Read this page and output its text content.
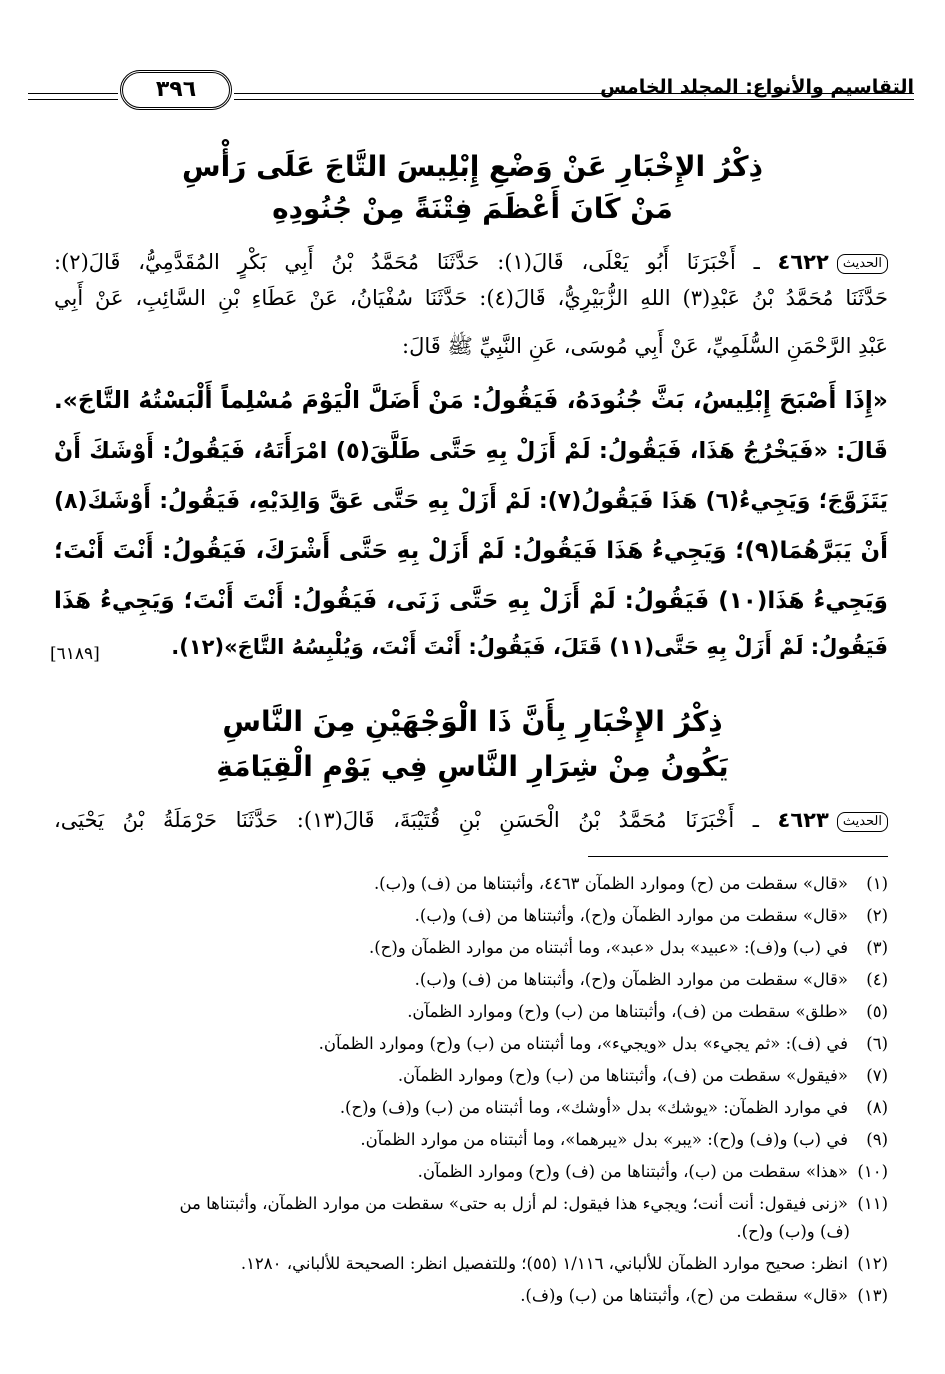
٣٩٦	التقاسيم والأنواع: المجلد الخامس
ذِكْرُ الإِخْبَارِ عَنْ وَضْعِ إِبْلِيسَ التَّاجَ عَلَى رَأْسِ
مَنْ كَانَ أَعْظَمَ فِتْنَةً مِنْ جُنُودِهِ
الحديث٤٦٢٢ ـ أَخْبَرَنَا أَبُو يَعْلَى، قَالَ(١): حَدَّثَنَا مُحَمَّدُ بْنُ أَبِي بَكْرٍ المُقَدَّمِيُّ، قَالَ(٢):
حَدَّثَنَا مُحَمَّدُ بْنُ عَبْدِ(٣) اللهِ الزُّبَيْرِيُّ، قَالَ(٤): حَدَّثَنَا سُفْيَانُ، عَنْ عَطَاءِ بْنِ السَّائِبِ، عَنْ أَبِي
عَبْدِ الرَّحْمَنِ السُّلَمِيِّ، عَنْ أَبِي مُوسَى، عَنِ النَّبِيِّ ﷺ قَالَ:
«إِذَا أَصْبَحَ إِبْلِيسُ، بَثَّ جُنُودَهُ، فَيَقُولُ: مَنْ أَضَلَّ الْيَوْمَ مُسْلِماً أَلْبَسْتُهُ التَّاجَ».
قَالَ: «فَيَخْرُجُ هَذَا، فَيَقُولُ: لَمْ أَزَلْ بِهِ حَتَّى طَلَّقَ(٥) امْرَأَتَهُ، فَيَقُولُ: أَوْشَكَ أَنْ
يَتَزَوَّجَ؛ وَيَجِيءُ(٦) هَذَا فَيَقُولُ(٧): لَمْ أَزَلْ بِهِ حَتَّى عَقَّ وَالِدَيْهِ، فَيَقُولُ: أَوْشَكَ(٨)
أَنْ يَبَرَّهُمَا(٩)؛ وَيَجِيءُ هَذَا فَيَقُولُ: لَمْ أَزَلْ بِهِ حَتَّى أَشْرَكَ، فَيَقُولُ: أَنْتَ أَنْتَ؛
وَيَجِيءُ هَذَا(١٠) فَيَقُولُ: لَمْ أَزَلْ بِهِ حَتَّى زَنَى، فَيَقُولُ: أَنْتَ أَنْتَ؛ وَيَجِيءُ هَذَا
فَيَقُولُ: لَمْ أَزَلْ بِهِ حَتَّى(١١) قَتَلَ، فَيَقُولُ: أَنْتَ أَنْتَ، وَيُلْبِسُهُ التَّاجَ»(١٢).
[٦١٨٩]
ذِكْرُ الإِخْبَارِ بِأَنَّ ذَا الْوَجْهَيْنِ مِنَ النَّاسِ
يَكُونُ مِنْ شِرَارِ النَّاسِ فِي يَوْمِ الْقِيَامَةِ
الحديث٤٦٢٣ ـ أَخْبَرَنَا مُحَمَّدُ بْنُ الْحَسَنِ بْنِ قُتَيْبَةَ، قَالَ(١٣): حَدَّثَنَا حَرْمَلَةُ بْنُ يَحْيَى،
(١)«قال» سقطت من (ح) وموارد الظمآن ٤٤٦٣، وأثبتناها من (ف) و(ب).
(٢)«قال» سقطت من موارد الظمآن و(ح)، وأثبتناها من (ف) و(ب).
(٣)في (ب) و(ف): «عبيد» بدل «عبد»، وما أثبتناه من موارد الظمآن و(ح).
(٤)«قال» سقطت من موارد الظمآن و(ح)، وأثبتناها من (ف) و(ب).
(٥)«طلق» سقطت من (ف)، وأثبتناها من (ب) و(ح) وموارد الظمآن.
(٦)في (ف): «ثم يجيء» بدل «ويجيء»، وما أثبتناه من (ب) و(ح) وموارد الظمآن.
(٧)«فيقول» سقطت من (ف)، وأثبتناها من (ب) و(ح) وموارد الظمآن.
(٨)في موارد الظمآن: «يوشك» بدل «أوشك»، وما أثبتناه من (ب) و(ف) و(ح).
(٩)في (ب) و(ف) و(ح): «يبر» بدل «يبرهما»، وما أثبتناه من موارد الظمآن.
(١٠)«هذا» سقطت من (ب)، وأثبتناها من (ف) و(ح) وموارد الظمآن.
(١١)«زنى فيقول: أنت أنت؛ ويجيء هذا فيقول: لم أزل به حتى» سقطت من موارد الظمآن، وأثبتناها من
(ف) و(ب) و(ح).
(١٢)انظر: صحيح موارد الظمآن للألباني، ١/١١٦ (٥٥)؛ وللتفصيل انظر: الصحيحة للألباني، ١٢٨٠.
(١٣)«قال» سقطت من (ح)، وأثبتناها من (ب) و(ف).
